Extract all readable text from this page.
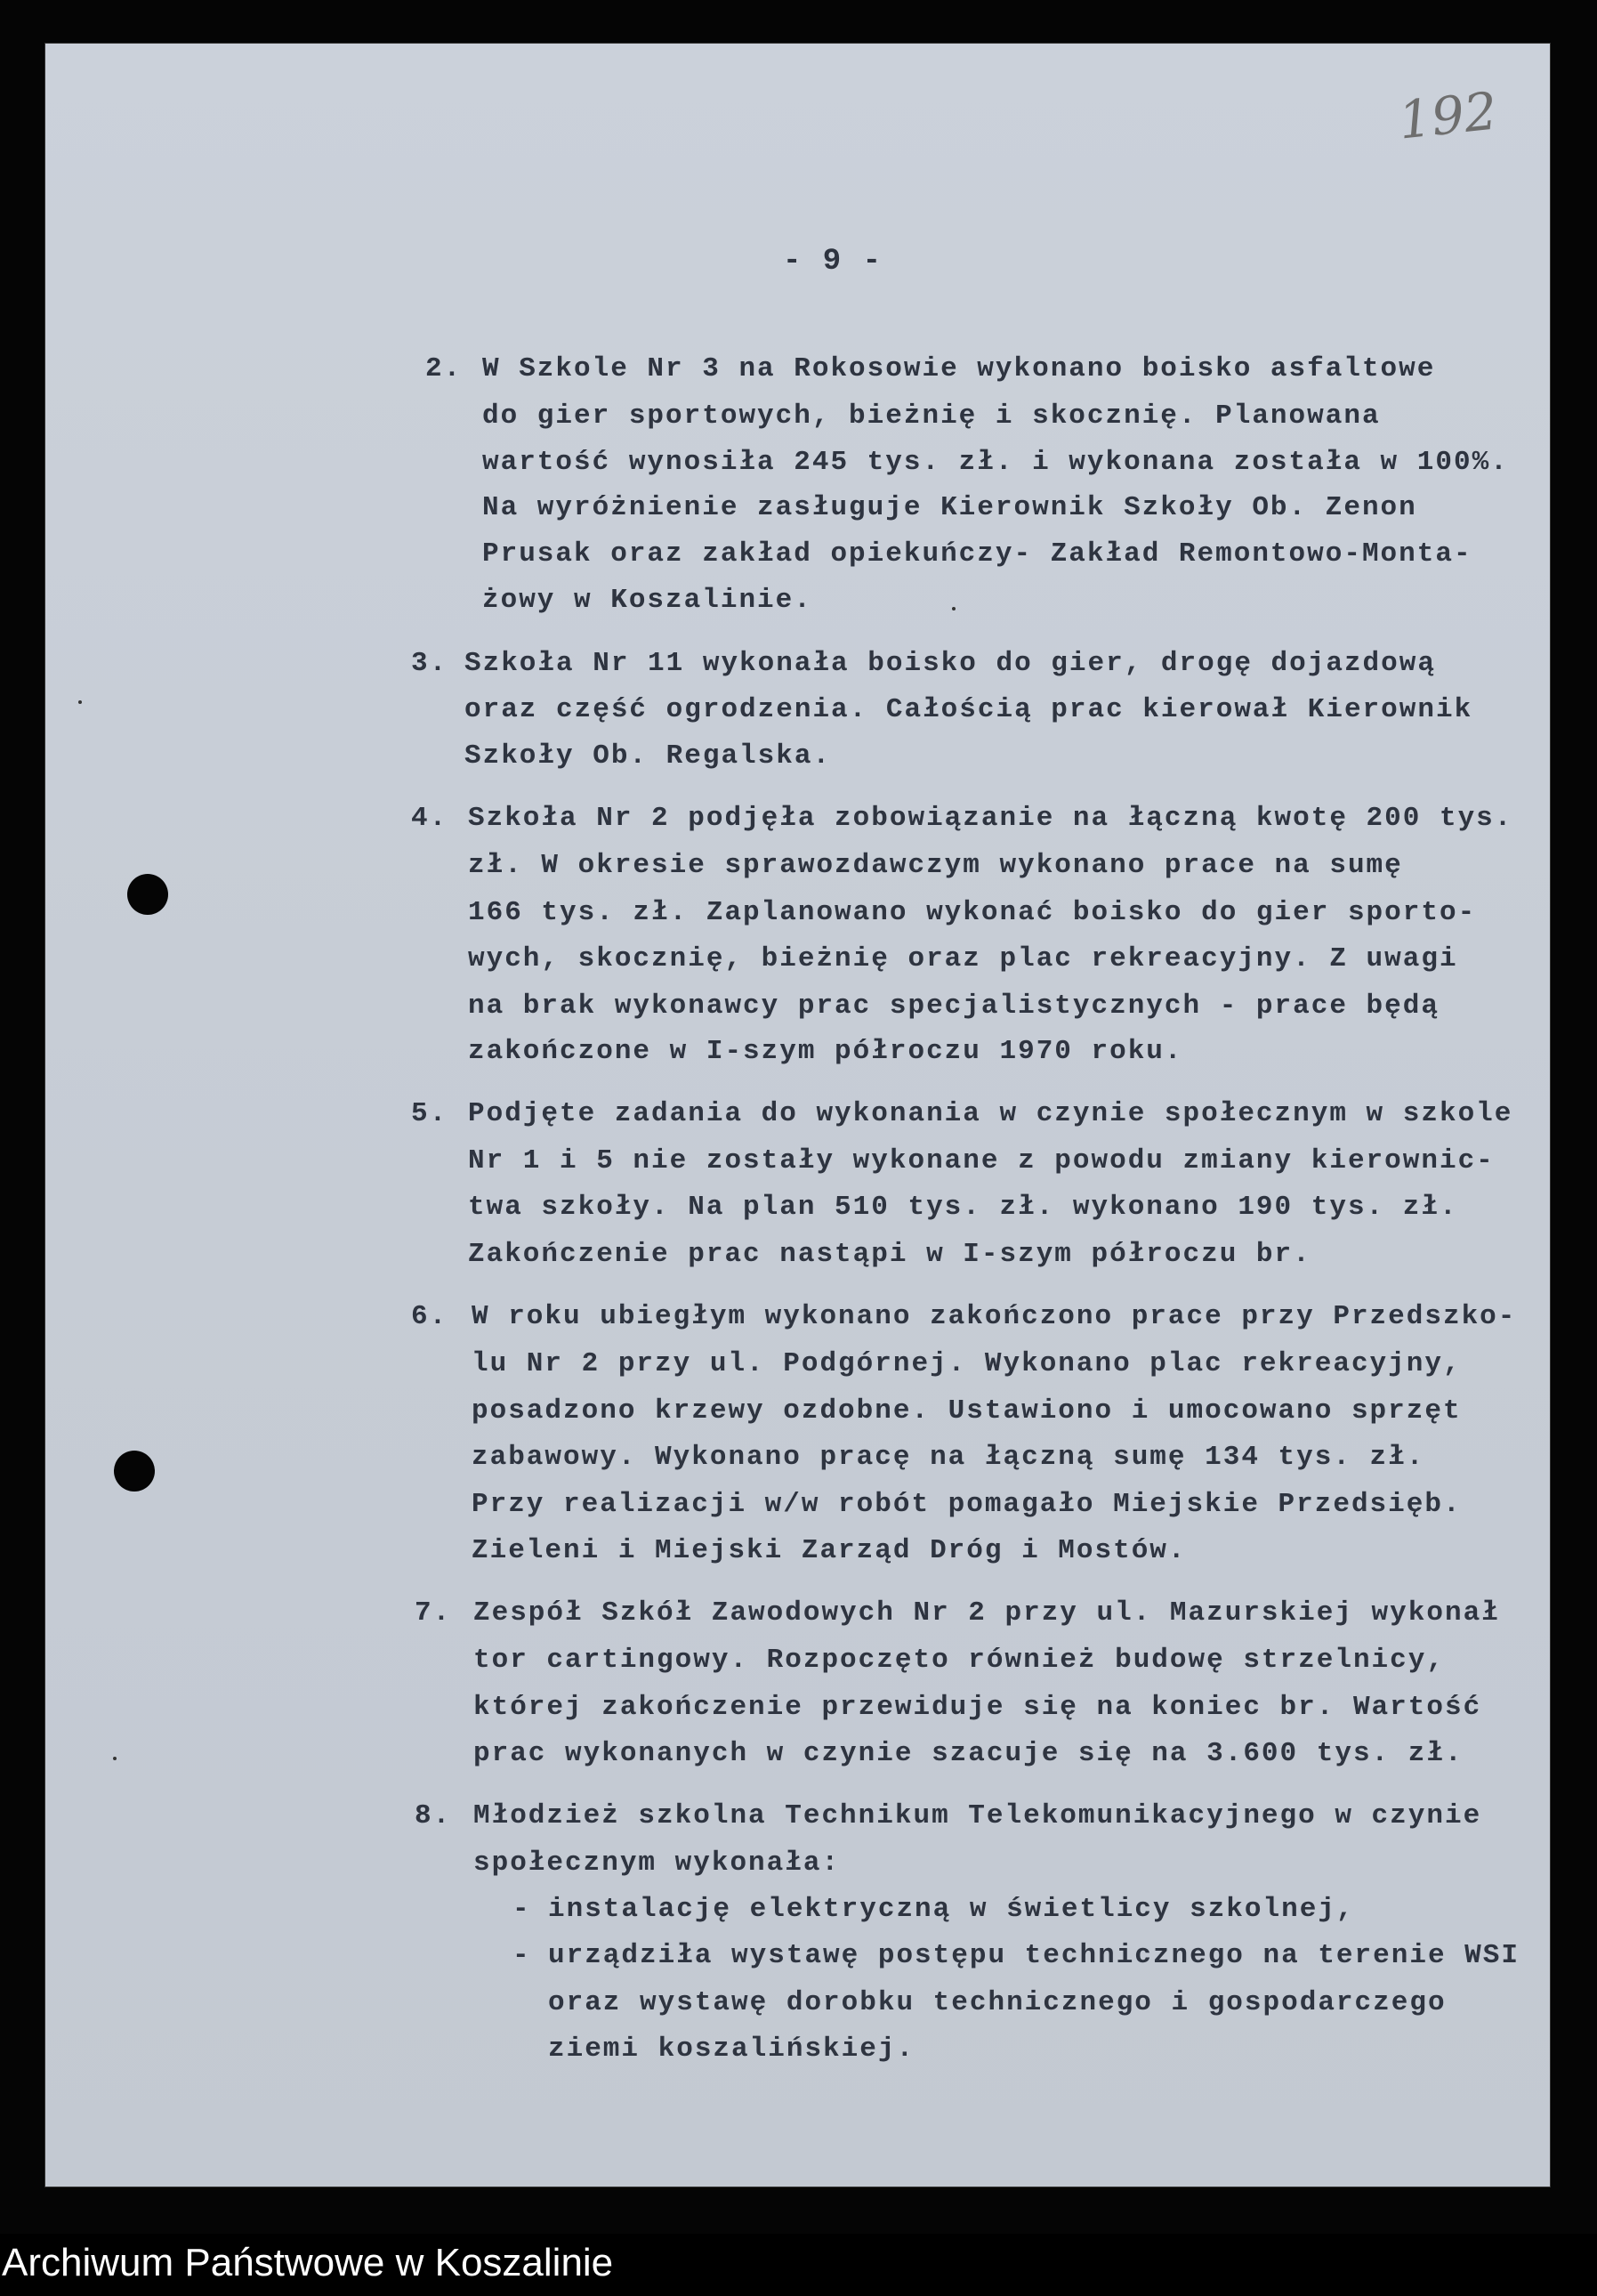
192
- 9 -
2. W Szkole Nr 3 na Rokosowie wykonano boisko asfaltowe
do gier sportowych, bieżnię i skocznię. Planowana
wartość wynosiła 245 tys. zł. i wykonana została w 100%.
Na wyróżnienie zasługuje Kierownik Szkoły Ob. Zenon
Prusak oraz zakład opiekuńczy- Zakład Remontowo-Monta-
żowy w Koszalinie.
3. Szkoła Nr 11 wykonała boisko do gier, drogę dojazdową
oraz część ogrodzenia. Całością prac kierował Kierownik
Szkoły Ob. Regalska.
4. Szkoła Nr 2 podjęła zobowiązanie na łączną kwotę 200 tys.
zł. W okresie sprawozdawczym wykonano prace na sumę
166 tys. zł. Zaplanowano wykonać boisko do gier sporto-
wych, skocznię, bieżnię oraz plac rekreacyjny. Z uwagi
na brak wykonawcy prac specjalistycznych - prace będą
zakończone w I-szym półroczu 1970 roku.
5. Podjęte zadania do wykonania w czynie społecznym w szkole
Nr 1 i 5 nie zostały wykonane z powodu zmiany kierownic-
twa szkoły. Na plan 510 tys. zł. wykonano 190 tys. zł.
Zakończenie prac nastąpi w I-szym półroczu br.
6. W roku ubiegłym wykonano zakończono prace przy Przedszko-
lu Nr 2 przy ul. Podgórnej. Wykonano plac rekreacyjny,
posadzono krzewy ozdobne. Ustawiono i umocowano sprzęt
zabawowy. Wykonano pracę na łączną sumę 134 tys. zł.
Przy realizacji w/w robót pomagało Miejskie Przedsięb.
Zieleni i Miejski Zarząd Dróg i Mostów.
7. Zespół Szkół Zawodowych Nr 2 przy ul. Mazurskiej wykonał
tor cartingowy. Rozpoczęto również budowę strzelnicy,
której zakończenie przewiduje się na koniec br. Wartość
prac wykonanych w czynie szacuje się na 3.600 tys. zł.
8. Młodzież szkolna Technikum Telekomunikacyjnego w czynie
społecznym wykonała:
- instalację elektryczną w świetlicy szkolnej,
- urządziła wystawę postępu technicznego na terenie WSI
oraz wystawę dorobku technicznego i gospodarczego
ziemi koszalińskiej.
Archiwum Państwowe w Koszalinie
